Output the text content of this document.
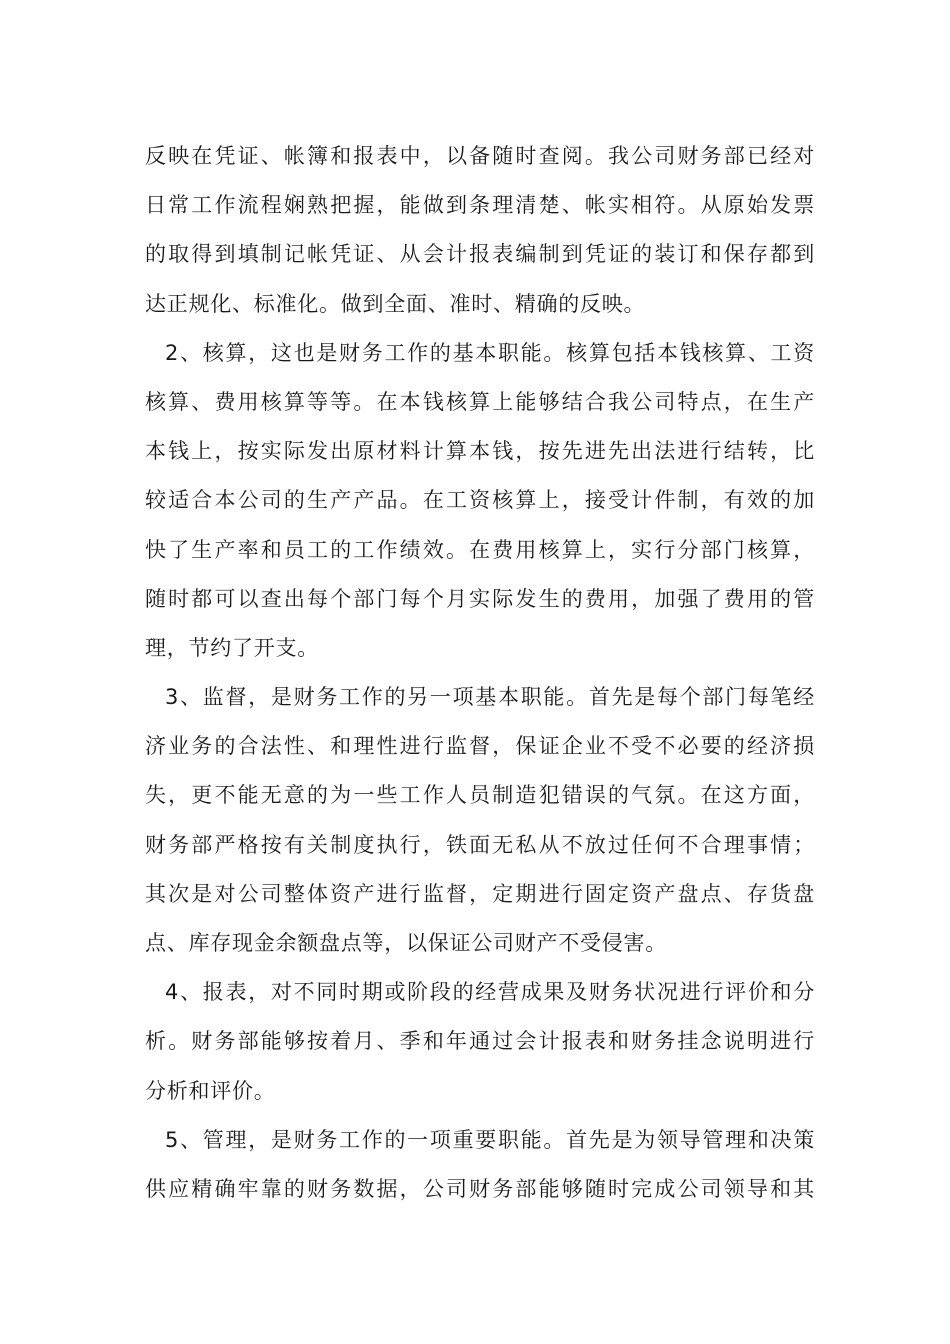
反映在凭证、帐簿和报表中，以备随时查阅。我公司财务部已经对
日常工作流程娴熟把握，能做到条理清楚、帐实相符。从原始发票
的取得到填制记帐凭证、从会计报表编制到凭证的装订和保存都到
达正规化、标准化。做到全面、准时、精确的反映。
2、核算，这也是财务工作的基本职能。核算包括本钱核算、工资
核算、费用核算等等。在本钱核算上能够结合我公司特点，在生产
本钱上，按实际发出原材料计算本钱，按先进先出法进行结转，比
较适合本公司的生产产品。在工资核算上，接受计件制，有效的加
快了生产率和员工的工作绩效。在费用核算上，实行分部门核算，
随时都可以查出每个部门每个月实际发生的费用，加强了费用的管
理，节约了开支。
3、监督，是财务工作的另一项基本职能。首先是每个部门每笔经
济业务的合法性、和理性进行监督，保证企业不受不必要的经济损
失，更不能无意的为一些工作人员制造犯错误的气氛。在这方面，
财务部严格按有关制度执行，铁面无私从不放过任何不合理事情；
其次是对公司整体资产进行监督，定期进行固定资产盘点、存货盘
点、库存现金余额盘点等，以保证公司财产不受侵害。
4、报表，对不同时期或阶段的经营成果及财务状况进行评价和分
析。财务部能够按着月、季和年通过会计报表和财务挂念说明进行
分析和评价。
5、管理，是财务工作的一项重要职能。首先是为领导管理和决策
供应精确牢靠的财务数据，公司财务部能够随时完成公司领导和其
